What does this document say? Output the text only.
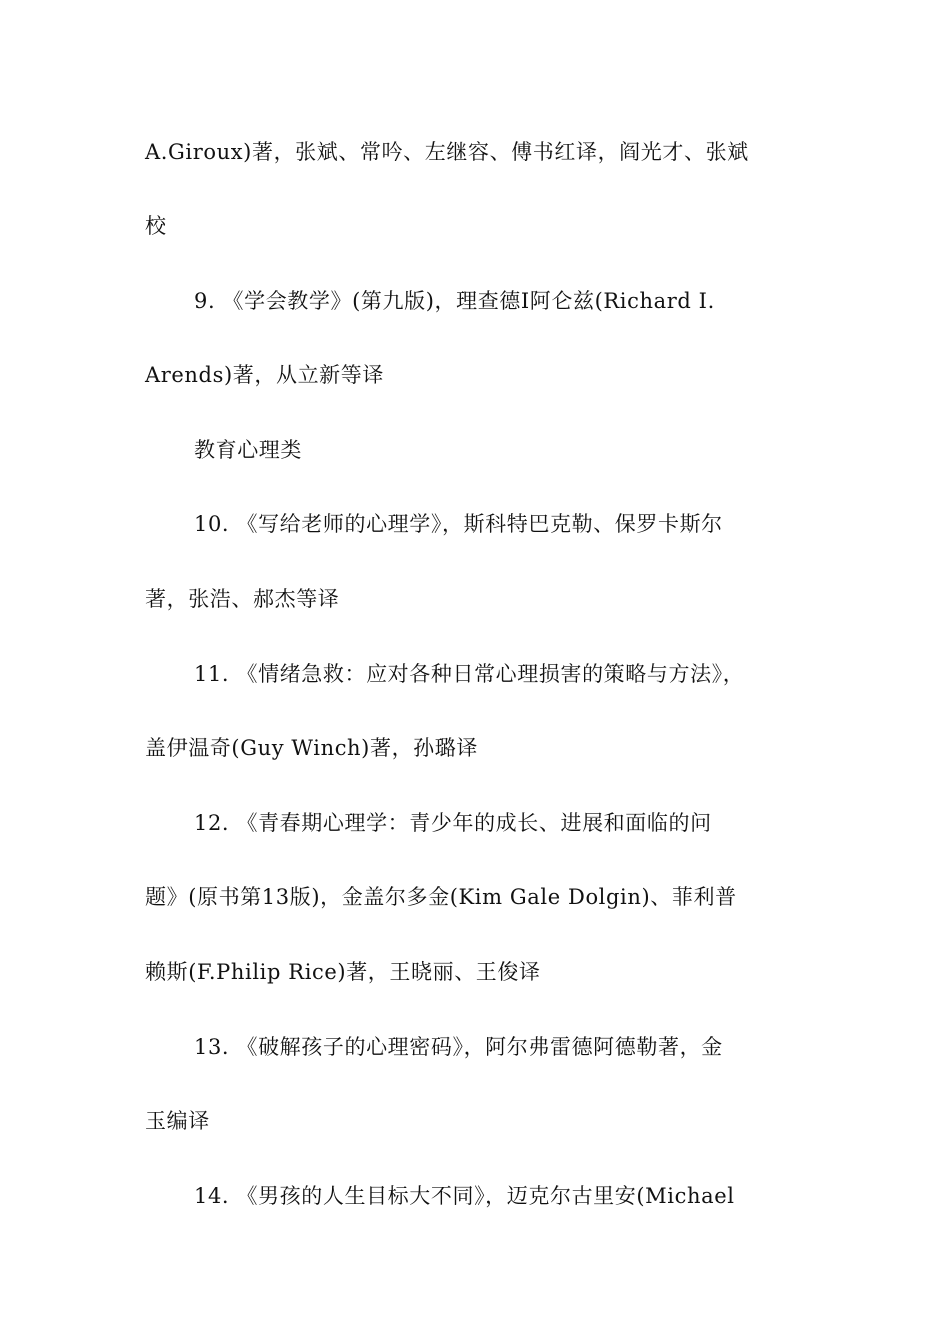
A.Giroux)著，张斌、常吟、左继容、傅书红译，阎光才、张斌
校
9. 《学会教学》(第九版)，理查德Ⅰ阿仑兹(Richard I.
Arends)著，从立新等译
教育心理类
10. 《写给老师的心理学》，斯科特巴克勒、保罗卡斯尔
著，张浩、郝杰等译
11. 《情绪急救：应对各种日常心理损害的策略与方法》，
盖伊温奇(Guy Winch)著，孙璐译
12. 《青春期心理学：青少年的成长、进展和面临的问
题》(原书第13版)，金盖尔多金(Kim Gale Dolgin)、菲利普
赖斯(F.Philip Rice)著，王晓丽、王俊译
13. 《破解孩子的心理密码》，阿尔弗雷德阿德勒著，金
玉编译
14. 《男孩的人生目标大不同》，迈克尔古里安(Michael
